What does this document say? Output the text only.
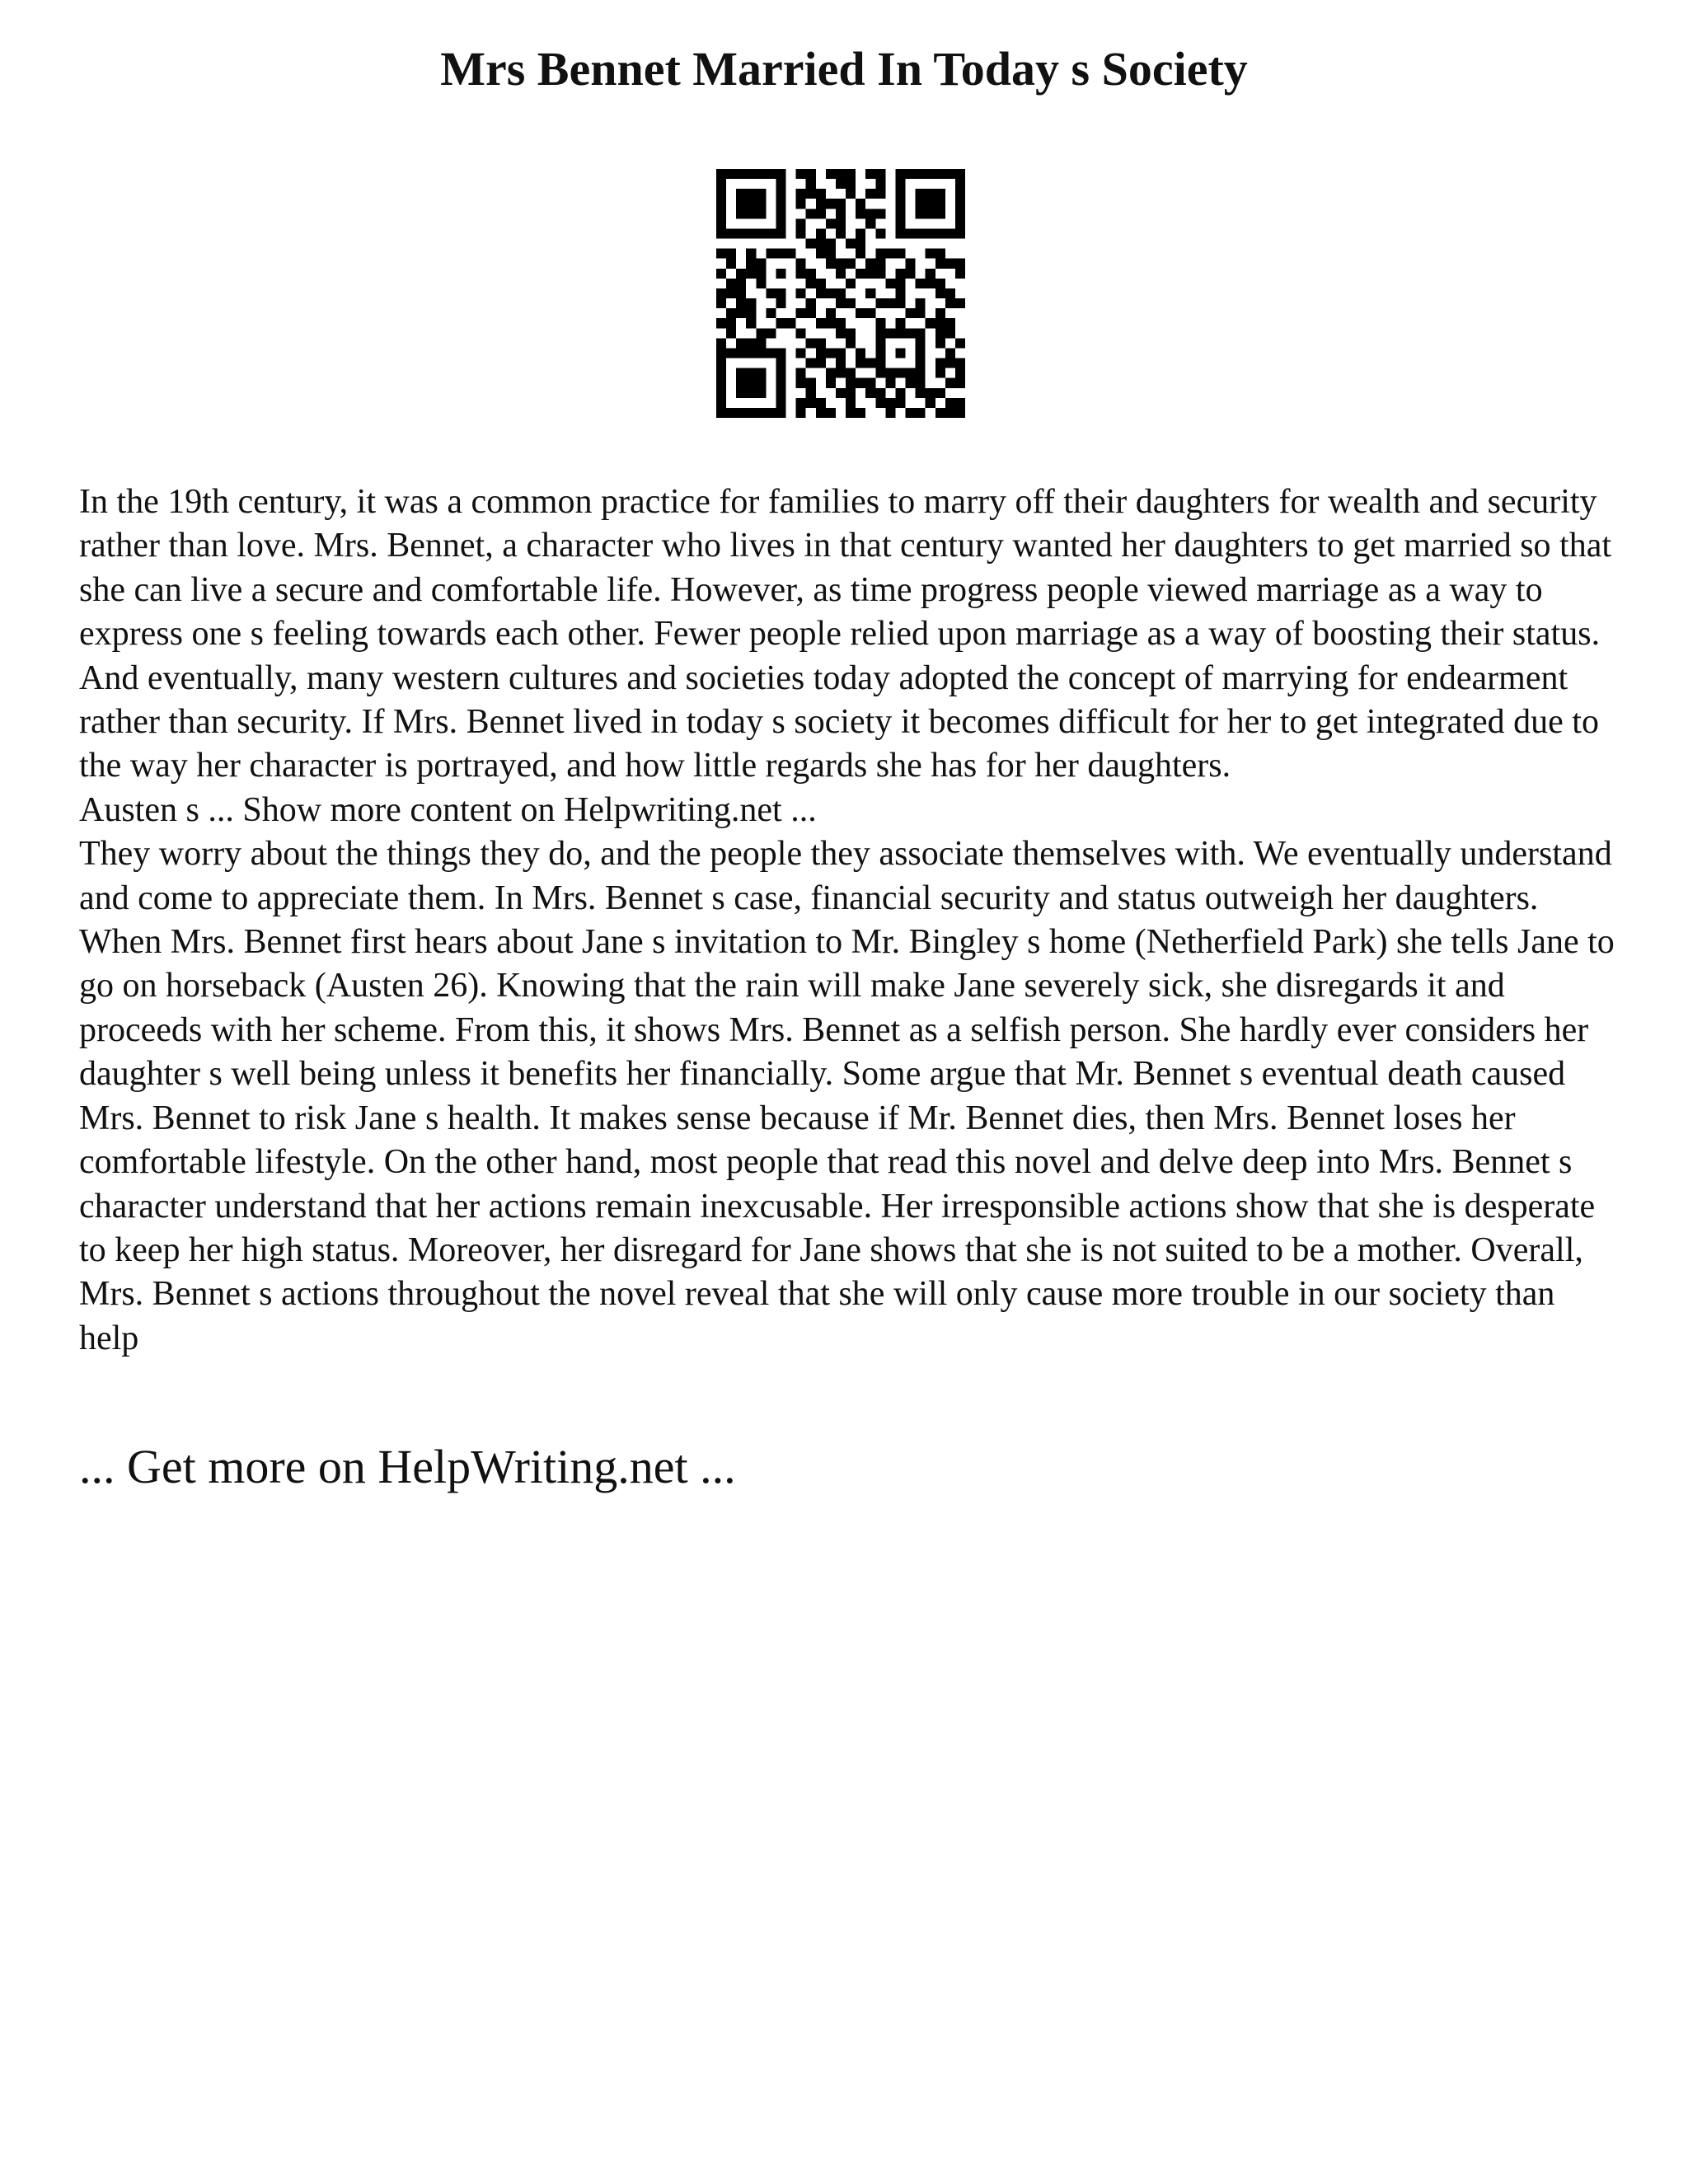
Mrs Bennet Married In Today s Society

In the 19th century, it was a common practice for families to marry off their daughters for wealth and security rather than love. Mrs. Bennet, a character who lives in that century wanted her daughters to get married so that she can live a secure and comfortable life. However, as time progress people viewed marriage as a way to express one s feeling towards each other. Fewer people relied upon marriage as a way of boosting their status. And eventually, many western cultures and societies today adopted the concept of marrying for endearment rather than security. If Mrs. Bennet lived in today s society it becomes difficult for her to get integrated due to the way her character is portrayed, and how little regards she has for her daughters.

Austen s ... Show more content on Helpwriting.net ...

They worry about the things they do, and the people they associate themselves with. We eventually understand and come to appreciate them. In Mrs. Bennet s case, financial security and status outweigh her daughters. When Mrs. Bennet first hears about Jane s invitation to Mr. Bingley s home (Netherfield Park) she tells Jane to go on horseback (Austen 26). Knowing that the rain will make Jane severely sick, she disregards it and proceeds with her scheme. From this, it shows Mrs. Bennet as a selfish person. She hardly ever considers her daughter s well being unless it benefits her financially. Some argue that Mr. Bennet s eventual death caused Mrs. Bennet to risk Jane s health. It makes sense because if Mr. Bennet dies, then Mrs. Bennet loses her comfortable lifestyle. On the other hand, most people that read this novel and delve deep into Mrs. Bennet s character understand that her actions remain inexcusable. Her irresponsible actions show that she is desperate to keep her high status. Moreover, her disregard for Jane shows that she is not suited to be a mother. Overall, Mrs. Bennet s actions throughout the novel reveal that she will only cause more trouble in our society than help

... Get more on HelpWriting.net ...
